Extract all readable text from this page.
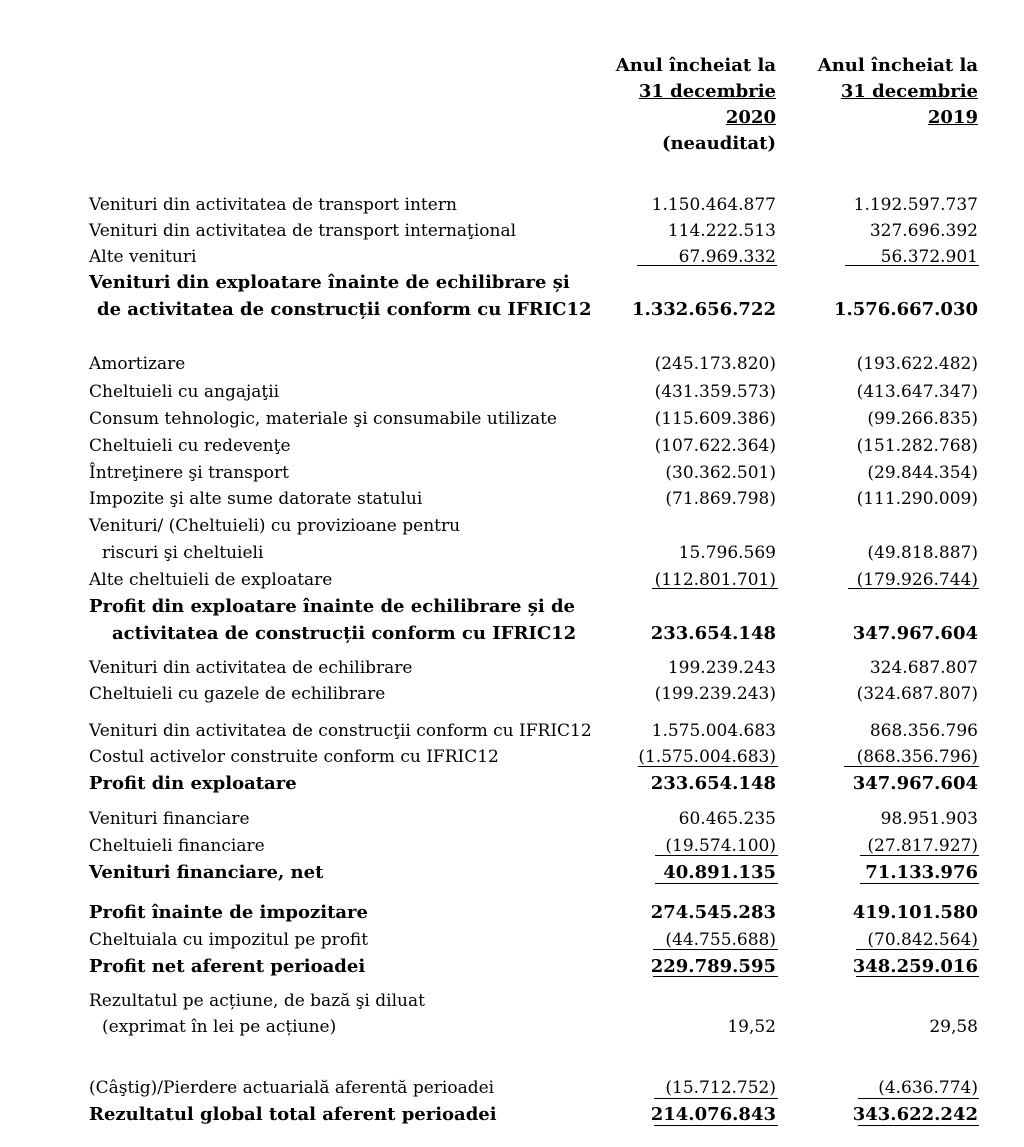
Anul încheiat la
31 decembrie
2020
(neauditat)
Anul încheiat la
31 decembrie
2019
Venituri din activitatea de transport intern	1.150.464.877	1.192.597.737
Venituri din activitatea de transport internaţional	114.222.513	327.696.392
Alte venituri	67.969.332	56.372.901
Venituri din exploatare înainte de echilibrare și
de activitatea de construcții conform cu IFRIC12 1.332.656.722	1.576.667.030
Amortizare	(245.173.820)	(193.622.482)
Cheltuieli cu angajaţii	(431.359.573)	(413.647.347)
Consum tehnologic, materiale şi consumabile utilizate	(115.609.386)	(99.266.835)
Cheltuieli cu redevenţe	(107.622.364)	(151.282.768)
Întreţinere şi transport	(30.362.501)	(29.844.354)
Impozite şi alte sume datorate statului	(71.869.798)	(111.290.009)
Venituri/ (Cheltuieli) cu provizioane pentru
riscuri şi cheltuieli	15.796.569	(49.818.887)
Alte cheltuieli de exploatare	(112.801.701)	(179.926.744)
Profit din exploatare înainte de echilibrare și de
activitatea de construcții conform cu IFRIC12	233.654.148	347.967.604
Venituri din activitatea de echilibrare	199.239.243	324.687.807
Cheltuieli cu gazele de echilibrare	(199.239.243)	(324.687.807)
Venituri din activitatea de construcţii conform cu IFRIC12	1.575.004.683	868.356.796
Costul activelor construite conform cu IFRIC12	(1.575.004.683)	(868.356.796)
Profit din exploatare	233.654.148	347.967.604
Venituri financiare	60.465.235	98.951.903
Cheltuieli financiare	(19.574.100)	(27.817.927)
Venituri financiare, net	40.891.135	71.133.976
Profit înainte de impozitare	274.545.283	419.101.580
Cheltuiala cu impozitul pe profit	(44.755.688)	(70.842.564)
Profit net aferent perioadei	229.789.595	348.259.016
Rezultatul pe acțiune, de bază şi diluat
(exprimat în lei pe acțiune)	19,52	29,58
(Câştig)/Pierdere actuarială aferentă perioadei	(15.712.752)	(4.636.774)
Rezultatul global total aferent perioadei	214.076.843	343.622.242
